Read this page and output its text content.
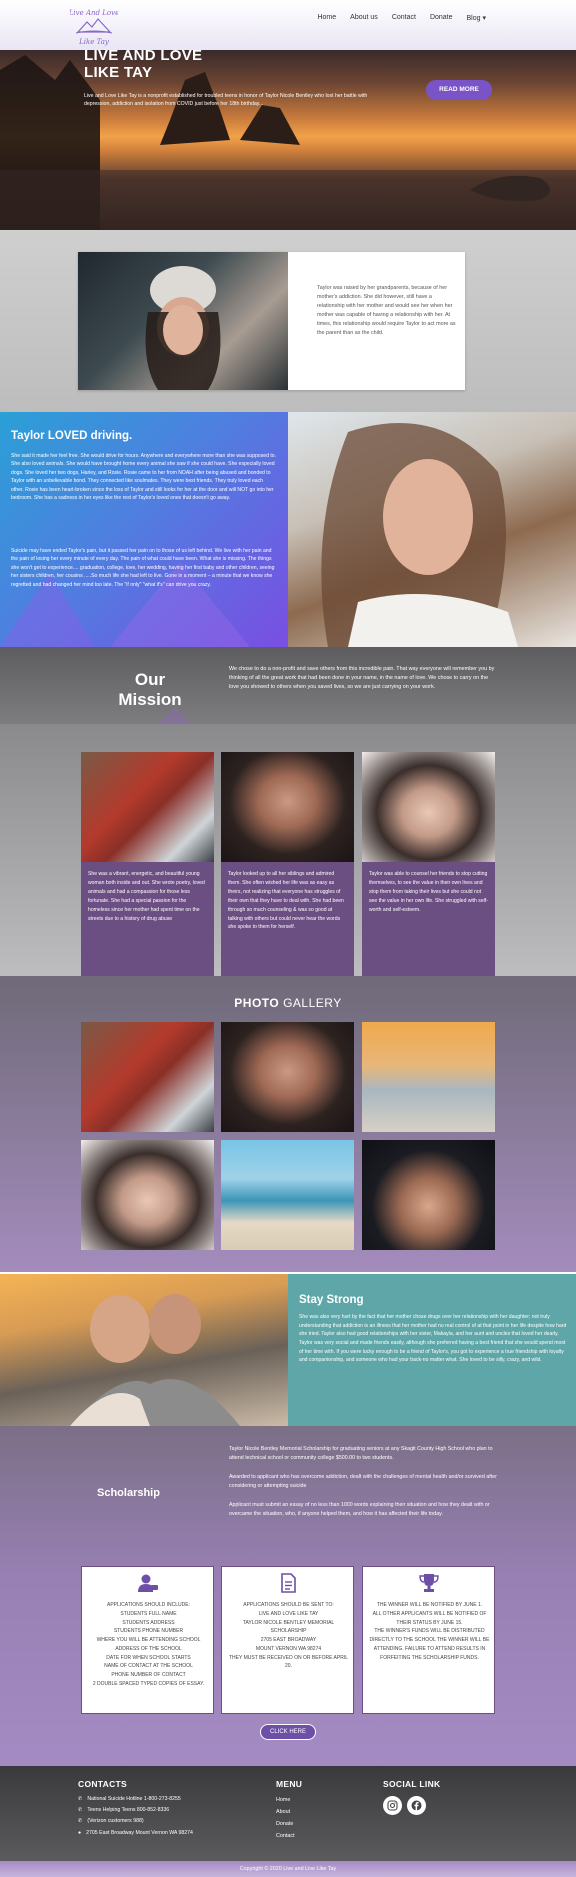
Live And Love
Like Tay
Home About us Contact Donate Blog ▾
LIVE AND LOVE
LIKE TAY
Live and Love Like Tay is a nonprofit established for troubled teens in honor of Taylor Nicole Bentley who lost her battle with depression, addiction and isolation from COVID just before her 18th birthday...
READ MORE
Taylor was raised by her grandparents, because of her mother's addiction. She did however, still have a relationship with her mother and would see her when her mother was capable of having a relationship with her. At times, this relationship would require Taylor to act more as the parent than as the child.
Taylor LOVED driving.
She said it made her feel free. She would drive for hours. Anywhere and everywhere more than she was supposed to. She also loved animals. She would have brought home every animal she saw if she could have. She especially loved dogs. She loved her two dogs, Harley, and Rosie. Rosie came to her from NOAH after being abused and bonded to Taylor with an unbelievable bond. They connected like soulmates. They were best friends. They truly loved each other. Rosie has been heart-broken since the loss of Taylor and still looks for her at the door and will NOT go into her bedroom. She has a sadness in her eyes like the rest of Taylor's loved ones that doesn't go away.
Suicide may have ended Taylor's pain, but it passed her pain on to those of us left behind. We live with her pain and the pain of losing her every minute of every day. The pain of what could have been. What she is missing. The things she won't get to experience.... graduation, college, love, her wedding, having her first baby and other children, seeing her sisters children, her cousins .....So much life she had left to live. Gone in a moment – a minute that we know she regretted and had changed her mind too late. The "if only" "what if's" can drive you crazy.
Our
Mission
We chose to do a non-profit and save others from this incredible pain. That way everyone will remember you by thinking of all the great work that had been done in your name, in the name of love. We chose to carry on the love you showed to others when you saved lives, so we are just carrying on your work.
She was a vibrant, energetic, and beautiful young woman both inside and out. She wrote poetry, loved animals and had a compassion for those less fortunate. She had a special passion for the homeless since her mother had spent time on the streets due to a history of drug abuse
Taylor looked up to all her siblings and admired them. She often wished her life was as easy as theirs, not realizing that everyone has struggles of their own that they have to deal with. She had been through so much counseling & was so good at talking with others but could never hear the words she spoke to them for herself.
Taylor was able to counsel her friends to stop cutting themselves, to see the value in their own lives and stop them from taking their lives but she could not see the value in her own life. She struggled with self-worth and self-esteem.
PHOTO GALLERY
Stay Strong
She was also very hurt by the fact that her mother chose drugs over her relationship with her daughter; not truly understanding that addiction is an illness that her mother had no real control of at that point in her life despite how hard she tried. Taylor also had good relationships with her sister, Makayla, and her aunt and uncles that loved her dearly. Taylor was very social and made friends easily, although she preferred having a best friend that she would spend most of her time with. If you were lucky enough to be a friend of Taylor's, you got to experience a true friendship with loyalty and companionship, and someone who had your back-no matter what. She loved to be silly, crazy, and wild.
Scholarship
Taylor Nicole Bentley Memorial Scholarship for graduating seniors at any Skagit County High School who plan to attend technical school or community college $500.00 to two students.
Awarded to applicant who has overcome addiction, dealt with the challenges of mental health and/or survived after considering or attempting suicide
Applicant must submit an essay of no less than 1000 words explaining their situation and how they dealt with or overcame the situation, who, if anyone helped them, and how it has affected their life today.
APPLICATIONS SHOULD INCLUDE:
STUDENTS FULL NAME
STUDENTS ADDRESS
STUDENTS PHONE NUMBER
WHERE YOU WILL BE ATTENDING SCHOOL
ADDRESS OF THE SCHOOL
DATE FOR WHEN SCHOOL STARTS
NAME OF CONTACT AT THE SCHOOL
PHONE NUMBER OF CONTACT
2 DOUBLE SPACED TYPED COPIES OF ESSAY.
APPLICATIONS SHOULD BE SENT TO:
LIVE AND LOVE LIKE TAY
TAYLOR NICOLE BENTLEY MEMORIAL
SCHOLARSHIP
2705 EAST BROADWAY
MOUNT VERNON WA 98274
THEY MUST BE RECEIVED ON OR BEFORE APRIL
20.
THE WINNER WILL BE NOTIFIED BY JUNE 1.
ALL OTHER APPLICANTS WILL BE NOTIFIED OF
THEIR STATUS BY JUNE 15.
THE WINNER'S FUNDS WILL BE DISTRIBUTED
DIRECTLY TO THE SCHOOL THE WINNER WILL BE
ATTENDING. FAILURE TO ATTEND RESULTS IN
FORFEITING THE SCHOLARSHIP FUNDS.
CLICK HERE
CONTACTS
✆ National Suicide Hotline 1-800-273-8255
✆ Teens Helping Teens 800-852-8336
✆ (Verizon customers 988)
● 2705 East Broadway Mount Vernon WA 98274
MENU
Home
About
Donate
Contact
SOCIAL LINK
Copyright © 2020 Live and Live Like Tay
